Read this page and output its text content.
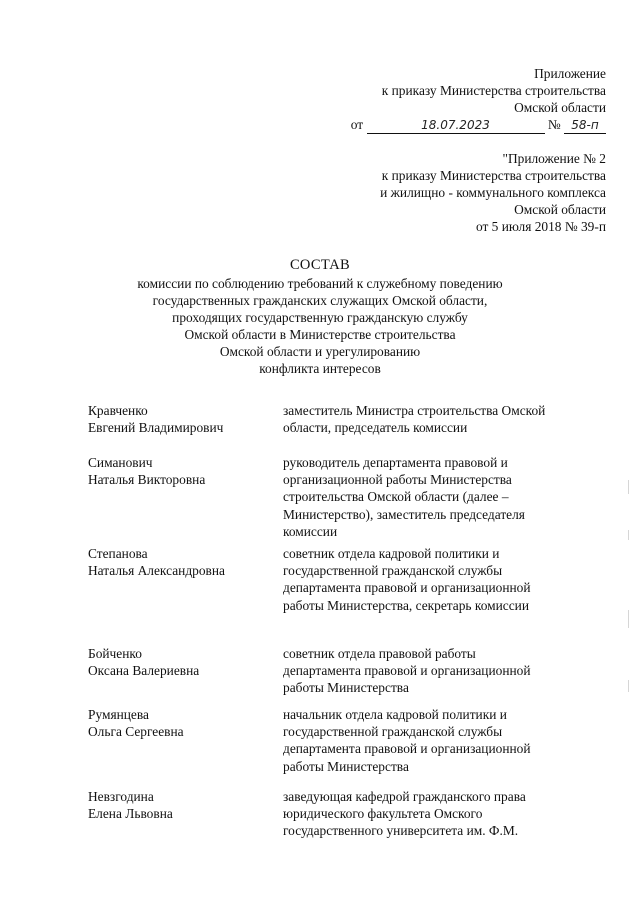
Приложение
к приказу Министерства строительства
Омской области
от	18.07.2023	№ 58-п
"Приложение № 2
к приказу Министерства строительства
и жилищно - коммунального комплекса
Омской области
от 5 июля 2018 № 39-п
СОСТАВ
комиссии по соблюдению требований к служебному поведению
государственных гражданских служащих Омской области,
проходящих государственную гражданскую службу
Омской области в Министерстве строительства
Омской области и урегулированию
конфликта интересов
Кравченко
Евгений Владимирович
заместитель Министра строительства Омской
области, председатель комиссии
Симанович
Наталья Викторовна
руководитель департамента правовой и
организационной работы Министерства
строительства Омской области (далее –
Министерство), заместитель председателя
комиссии
Степанова
Наталья Александровна
советник отдела кадровой политики и
государственной гражданской службы
департамента правовой и организационной
работы Министерства, секретарь комиссии
Бойченко
Оксана Валериевна
советник отдела правовой работы
департамента правовой и организационной
работы Министерства
Румянцева
Ольга Сергеевна
начальник отдела кадровой политики и
государственной гражданской службы
департамента правовой и организационной
работы Министерства
Невзгодина
Елена Львовна
заведующая кафедрой гражданского права
юридического факультета Омского
государственного университета им. Ф.М.
